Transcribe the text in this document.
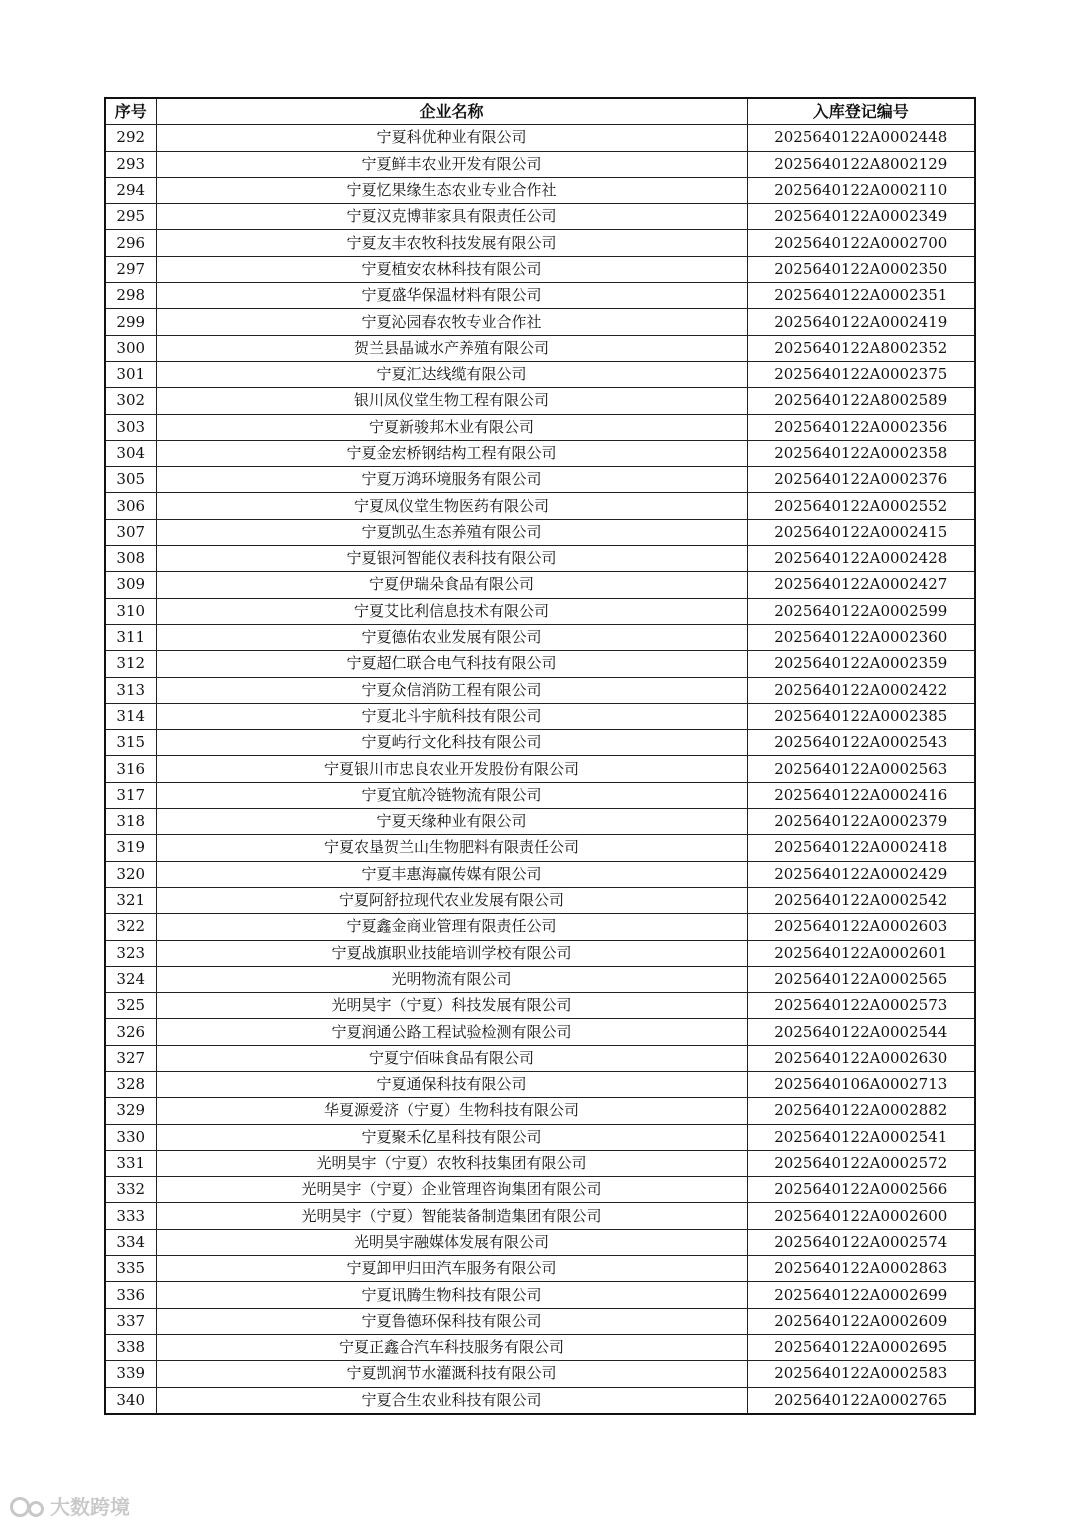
序号	企业名称	入库登记编号
292	宁夏科优种业有限公司	2025640122A0002448
293	宁夏鲜丰农业开发有限公司	2025640122A8002129
294	宁夏忆果缘生态农业专业合作社	2025640122A0002110
295	宁夏汉克博菲家具有限责任公司	2025640122A0002349
296	宁夏友丰农牧科技发展有限公司	2025640122A0002700
297	宁夏植安农林科技有限公司	2025640122A0002350
298	宁夏盛华保温材料有限公司	2025640122A0002351
299	宁夏沁园春农牧专业合作社	2025640122A0002419
300	贺兰县晶诚水产养殖有限公司	2025640122A8002352
301	宁夏汇达线缆有限公司	2025640122A0002375
302	银川凤仪堂生物工程有限公司	2025640122A8002589
303	宁夏新骏邦木业有限公司	2025640122A0002356
304	宁夏金宏桥钢结构工程有限公司	2025640122A0002358
305	宁夏万鸿环境服务有限公司	2025640122A0002376
306	宁夏凤仪堂生物医药有限公司	2025640122A0002552
307	宁夏凯弘生态养殖有限公司	2025640122A0002415
308	宁夏银河智能仪表科技有限公司	2025640122A0002428
309	宁夏伊瑞朵食品有限公司	2025640122A0002427
310	宁夏艾比利信息技术有限公司	2025640122A0002599
311	宁夏德佑农业发展有限公司	2025640122A0002360
312	宁夏超仁联合电气科技有限公司	2025640122A0002359
313	宁夏众信消防工程有限公司	2025640122A0002422
314	宁夏北斗宇航科技有限公司	2025640122A0002385
315	宁夏屿行文化科技有限公司	2025640122A0002543
316	宁夏银川市忠良农业开发股份有限公司	2025640122A0002563
317	宁夏宜航冷链物流有限公司	2025640122A0002416
318	宁夏天缘种业有限公司	2025640122A0002379
319	宁夏农垦贺兰山生物肥料有限责任公司	2025640122A0002418
320	宁夏丰惠海赢传媒有限公司	2025640122A0002429
321	宁夏阿舒拉现代农业发展有限公司	2025640122A0002542
322	宁夏鑫金商业管理有限责任公司	2025640122A0002603
323	宁夏战旗职业技能培训学校有限公司	2025640122A0002601
324	光明物流有限公司	2025640122A0002565
325	光明昊宇（宁夏）科技发展有限公司	2025640122A0002573
326	宁夏润通公路工程试验检测有限公司	2025640122A0002544
327	宁夏宁佰味食品有限公司	2025640122A0002630
328	宁夏通保科技有限公司	2025640106A0002713
329	华夏源爱济（宁夏）生物科技有限公司	2025640122A0002882
330	宁夏聚禾亿星科技有限公司	2025640122A0002541
331	光明昊宇（宁夏）农牧科技集团有限公司	2025640122A0002572
332	光明昊宇（宁夏）企业管理咨询集团有限公司	2025640122A0002566
333	光明昊宇（宁夏）智能装备制造集团有限公司	2025640122A0002600
334	光明昊宇融媒体发展有限公司	2025640122A0002574
335	宁夏卸甲归田汽车服务有限公司	2025640122A0002863
336	宁夏讯腾生物科技有限公司	2025640122A0002699
337	宁夏鲁德环保科技有限公司	2025640122A0002609
338	宁夏正鑫合汽车科技服务有限公司	2025640122A0002695
339	宁夏凯润节水灌溉科技有限公司	2025640122A0002583
340	宁夏合生农业科技有限公司	2025640122A0002765
大数跨境
